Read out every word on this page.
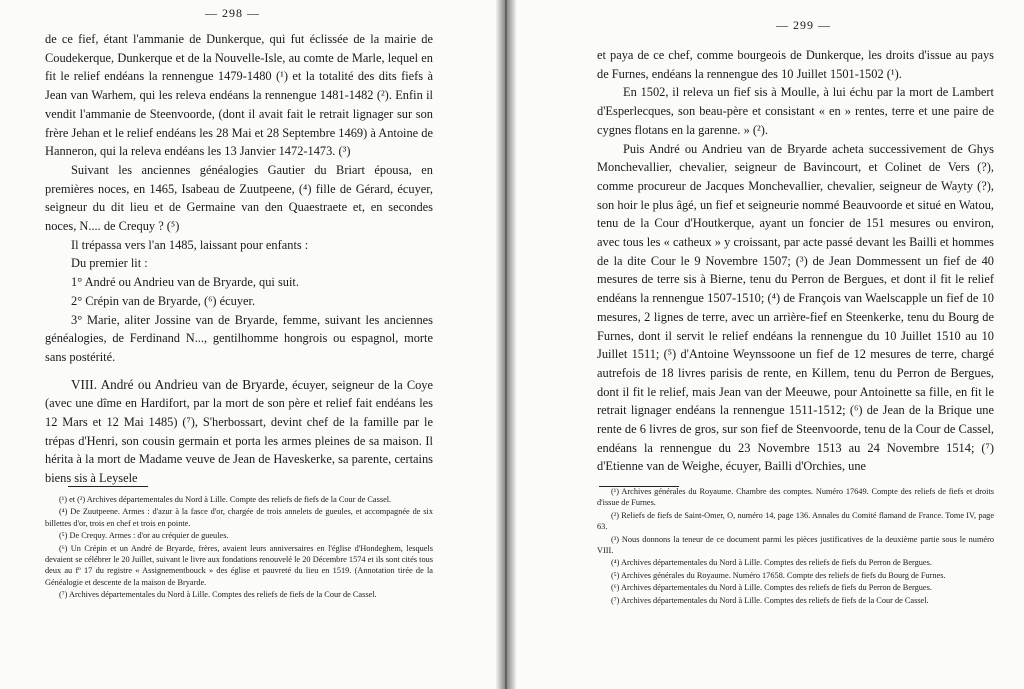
— 298 —

de ce fief, étant l'ammanie de Dunkerque, qui fut éclissée de la mairie de Coudekerque, Dunkerque et de la Nouvelle-Isle, au comte de Marle, lequel en fit le relief endéans la rennengue 1479-1480 (¹) et la totalité des dits fiefs à Jean van Warhem, qui les releva endéans la rennengue 1481-1482 (²). Enfin il vendit l'ammanie de Steenvoorde, (dont il avait fait le retrait lignager sur son frère Jehan et le relief endéans les 28 Mai et 28 Septembre 1469) à Antoine de Hanneron, qui la releva endéans les 13 Janvier 1472-1473. (³)

Suivant les anciennes généalogies Gautier du Briart épousa, en premières noces, en 1465, Isabeau de Zuutpeene, (⁴) fille de Gérard, écuyer, seigneur du dit lieu et de Germaine van den Quaestraete et, en secondes noces, N.... de Crequy ? (⁵)

Il trépassa vers l'an 1485, laissant pour enfants :

Du premier lit :

1° André ou Andrieu van de Bryarde, qui suit.

2° Crépin van de Bryarde, (⁶) écuyer.

3° Marie, aliter Jossine van de Bryarde, femme, suivant les anciennes généalogies, de Ferdinand N..., gentilhomme hongrois ou espagnol, morte sans postérité.

VIII. André ou Andrieu van de Bryarde, écuyer, seigneur de la Coye (avec une dîme en Hardifort, par la mort de son père et relief fait endéans les 12 Mars et 12 Mai 1485) (⁷), S'herbossart, devint chef de la famille par le trépas d'Henri, son cousin germain et porta les armes pleines de sa maison. Il hérita à la mort de Madame veuve de Jean de Haveskerke, sa parente, certains biens sis à Leysele

(¹) et (²) Archives départementales du Nord à Lille. Compte des reliefs de fiefs de la Cour de Cassel.

(⁴) De Zuutpeene. Armes : d'azur à la fasce d'or, chargée de trois annelets de gueules, et accompagnée de six billettes d'or, trois en chef et trois en pointe.

(⁵) De Crequy. Armes : d'or au créquier de gueules.

(⁶) Un Crépin et un André de Bryarde, frères, avaient leurs anniversaires en l'église d'Hondeghem, lesquels devaient se célébrer le 20 Juillet, suivant le livre aux fondations renouvelé le 20 Décembre 1574 et ils sont cités tous deux au fº 17 du registre « Assignementbouck » des église et pauvreté du lieu en 1519. (Annotation tirée de la Généalogie et descente de la maison de Bryarde.

(⁷) Archives départementales du Nord à Lille. Comptes des reliefs de fiefs de la Cour de Cassel.

— 299 —

et paya de ce chef, comme bourgeois de Dunkerque, les droits d'issue au pays de Furnes, endéans la rennengue des 10 Juillet 1501-1502 (¹).

En 1502, il releva un fief sis à Moulle, à lui échu par la mort de Lambert d'Esperlecques, son beau-père et consistant « en » rentes, terre et une paire de cygnes flotans en la garenne. » (²).

Puis André ou Andrieu van de Bryarde acheta successivement de Ghys Monchevallier, chevalier, seigneur de Bavincourt, et Colinet de Vers (?), comme procureur de Jacques Monchevallier, chevalier, seigneur de Wayty (?), son hoir le plus âgé, un fief et seigneurie nommé Beauvoorde et situé en Watou, tenu de la Cour d'Houtkerque, ayant un foncier de 151 mesures ou environ, avec tous les « catheux » y croissant, par acte passé devant les Bailli et hommes de la dite Cour le 9 Novembre 1507; (³) de Jean Dommessent un fief de 40 mesures de terre sis à Bierne, tenu du Perron de Bergues, et dont il fit le relief endéans la rennengue 1507-1510; (⁴) de François van Waelscapple un fief de 10 mesures, 2 lignes de terre, avec un arrière-fief en Steenkerke, tenu du Bourg de Furnes, dont il servit le relief endéans la rennengue du 10 Juillet 1510 au 10 Juillet 1511; (⁵) d'Antoine Weynssoone un fief de 12 mesures de terre, chargé autrefois de 18 livres parisis de rente, en Killem, tenu du Perron de Bergues, dont il fit le relief, mais Jean van der Meeuwe, pour Antoinette sa fille, en fit le retrait lignager endéans la rennengue 1511-1512; (⁶) de Jean de la Brique une rente de 6 livres de gros, sur son fief de Steenvoorde, tenu de la Cour de Cassel, endéans la rennengue du 23 Novembre 1513 au 24 Novembre 1514; (⁷) d'Etienne van de Weighe, écuyer, Bailli d'Orchies, une

(¹) Archives générales du Royaume. Chambre des comptes. Numéro 17649. Compte des reliefs de fiefs et droits d'issue de Furnes.

(²) Reliefs de fiefs de Saint-Omer, O, numéro 14, page 136. Annales du Comité flamand de France. Tome IV, page 63.

(³) Nous donnons la teneur de ce document parmi les pièces justificatives de la deuxième partie sous le numéro VIII.

(⁴) Archives départementales du Nord à Lille. Comptes des reliefs de fiefs du Perron de Bergues.

(⁵) Archives générales du Royaume. Numéro 17658. Compte des reliefs de fiefs du Bourg de Furnes.

(⁶) Archives départementales du Nord à Lille. Comptes des reliefs de fiefs du Perron de Bergues.

(⁷) Archives départementales du Nord à Lille. Comptes des reliefs de fiefs de la Cour de Cassel.
